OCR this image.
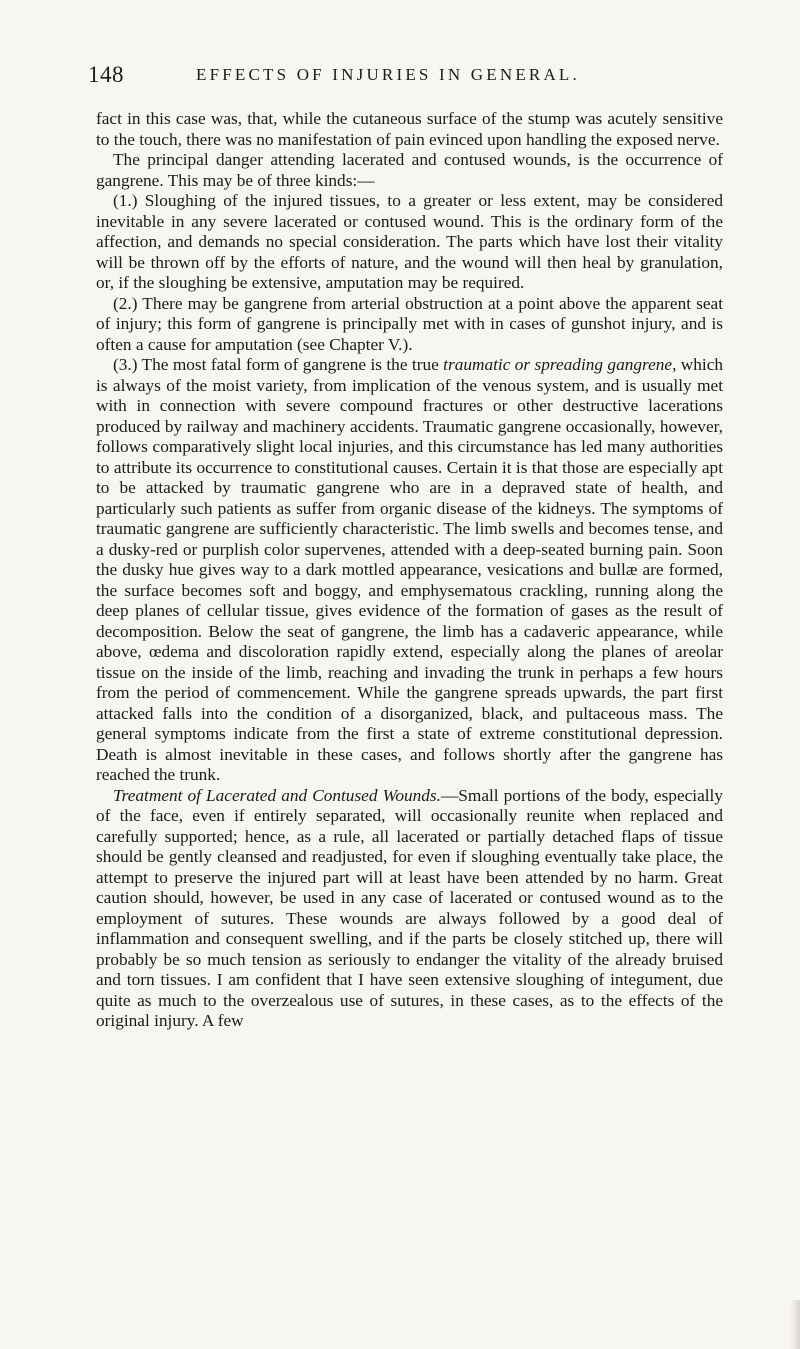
148	EFFECTS OF INJURIES IN GENERAL.

fact in this case was, that, while the cutaneous surface of the stump was acutely sensitive to the touch, there was no manifestation of pain evinced upon handling the exposed nerve.

The principal danger attending lacerated and contused wounds, is the occurrence of gangrene. This may be of three kinds:—

(1.) Sloughing of the injured tissues, to a greater or less extent, may be considered inevitable in any severe lacerated or contused wound. This is the ordinary form of the affection, and demands no special consideration. The parts which have lost their vitality will be thrown off by the efforts of nature, and the wound will then heal by granulation, or, if the sloughing be extensive, amputation may be required.

(2.) There may be gangrene from arterial obstruction at a point above the apparent seat of injury; this form of gangrene is principally met with in cases of gunshot injury, and is often a cause for amputation (see Chapter V.).

(3.) The most fatal form of gangrene is the true traumatic or spreading gangrene, which is always of the moist variety, from implication of the venous system, and is usually met with in connection with severe compound fractures or other destructive lacerations produced by railway and machinery accidents. Traumatic gangrene occasionally, however, follows comparatively slight local injuries, and this circumstance has led many authorities to attribute its occurrence to constitutional causes. Certain it is that those are especially apt to be attacked by traumatic gangrene who are in a depraved state of health, and particularly such patients as suffer from organic disease of the kidneys. The symptoms of traumatic gangrene are sufficiently characteristic. The limb swells and becomes tense, and a dusky-red or purplish color supervenes, attended with a deep-seated burning pain. Soon the dusky hue gives way to a dark mottled appearance, vesications and bullæ are formed, the surface becomes soft and boggy, and emphysematous crackling, running along the deep planes of cellular tissue, gives evidence of the formation of gases as the result of decomposition. Below the seat of gangrene, the limb has a cadaveric appearance, while above, œdema and discoloration rapidly extend, especially along the planes of areolar tissue on the inside of the limb, reaching and invading the trunk in perhaps a few hours from the period of commencement. While the gangrene spreads upwards, the part first attacked falls into the condition of a disorganized, black, and pultaceous mass. The general symptoms indicate from the first a state of extreme constitutional depression. Death is almost inevitable in these cases, and follows shortly after the gangrene has reached the trunk.

Treatment of Lacerated and Contused Wounds.—Small portions of the body, especially of the face, even if entirely separated, will occasionally reunite when replaced and carefully supported; hence, as a rule, all lacerated or partially detached flaps of tissue should be gently cleansed and readjusted, for even if sloughing eventually take place, the attempt to preserve the injured part will at least have been attended by no harm. Great caution should, however, be used in any case of lacerated or contused wound as to the employment of sutures. These wounds are always followed by a good deal of inflammation and consequent swelling, and if the parts be closely stitched up, there will probably be so much tension as seriously to endanger the vitality of the already bruised and torn tissues. I am confident that I have seen extensive sloughing of integument, due quite as much to the overzealous use of sutures, in these cases, as to the effects of the original injury. A few
